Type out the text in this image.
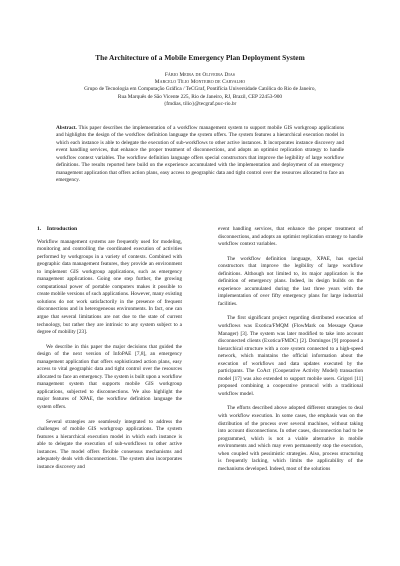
The Architecture of a Mobile Emergency Plan Deployment System
Fábio Meira de Oliveira Dias
Marcelo Tílio Monteiro de Carvalho
Grupo de Tecnologia em Computação Gráfica / TeCGraf, Pontifícia Universidade Católica do Rio de Janeiro,
Rua Marquês de São Vicente 225, Rio de Janeiro, RJ, Brazil, CEP 22453-900
{fmdias, tilio}@tecgraf.puc-rio.br
Abstract. This paper describes the implementation of a workflow management system to support mobile GIS workgroup applications and highlights the design of the workflow definition language the system offers. The system features a hierarchical execution model in which each instance is able to delegate the execution of sub-workflows to other active instances. It incorporates instance discovery and event handling services, that enhance the proper treatment of disconnections, and adopts an optimist replication strategy to handle workflow context variables. The workflow definition language offers special constructors that improve the legibility of large workflow definitions. The results reported here build on the experience accumulated with the implementation and deployment of an emergency management application that offers action plans, easy access to geographic data and tight control over the resources allocated to face an emergency.
1. Introduction

Workflow management systems are frequently used for modeling, monitoring and controlling the coordinated execution of activities performed by workgroups in a variety of contexts. Combined with geographic data management features, they provide an environment to implement GIS workgroup applications, such as emergency management applications. Going one step further, the growing computational power of portable computers makes it possible to create mobile versions of such applications. However, many existing solutions do not work satisfactorily in the presence of frequent disconnections and in heterogeneous environments. In fact, one can argue that several limitations are not due to the state of current technology, but rather they are intrinsic to any system subject to a degree of mobility [23].

We describe in this paper the major decisions that guided the design of the next version of InfoPAE [7,8], an emergency management application that offers sophisticated action plans, easy access to vital geographic data and tight control over the resources allocated to face an emergency. The system is built upon a workflow management system that supports mobile GIS workgroup applications, subjected to disconnections. We also highlight the major features of XPAE, the workflow definition language the system offers.

Several strategies are seamlessly integrated to address the challenges of mobile GIS workgroup applications. The system features a hierarchical execution model in which each instance is able to delegate the execution of sub-workflows to other active instances. The model offers flexible consensus mechanisms and adequately deals with disconnections. The system also incorporates instance discovery and

event handling services, that enhance the proper treatment of disconnections, and adopts an optimist replication strategy to handle workflow context variables.

The workflow definition language, XPAE, has special constructors that improve the legibility of large workflow definitions. Although not limited to, its major application is the definition of emergency plans. Indeed, its design builds on the experience accumulated during the last three years with the implementation of over fifty emergency plans for large industrial facilities.

The first significant project regarding distributed execution of workflows was Exotica/FMQM (FlowMark on Message Queue Manager) [3]. The system was later modified to take into account disconnected clients (Exotica/FMDC) [2]. Domingos [9] proposed a hierarchical structure with a core system connected to a high-speed network, which maintains the official information about the execution of workflows and data updates executed by the participants. The CoAct (Cooperative Activity Model) transaction model [17] was also extended to support mobile users. Grigori [11] proposed combining a cooperative protocol with a traditional workflow model.

The efforts described above adopted different strategies to deal with workflow execution. In some cases, the emphasis was on the distribution of the process over several machines, without taking into account disconnections. In other cases, disconnection had to be programmed, which is not a viable alternative in mobile environments and which may even permanently stop the execution, when coupled with pessimistic strategies. Also, process structuring is frequently lacking, which limits the applicability of the mechanisms developed. Indeed, most of the solutions
